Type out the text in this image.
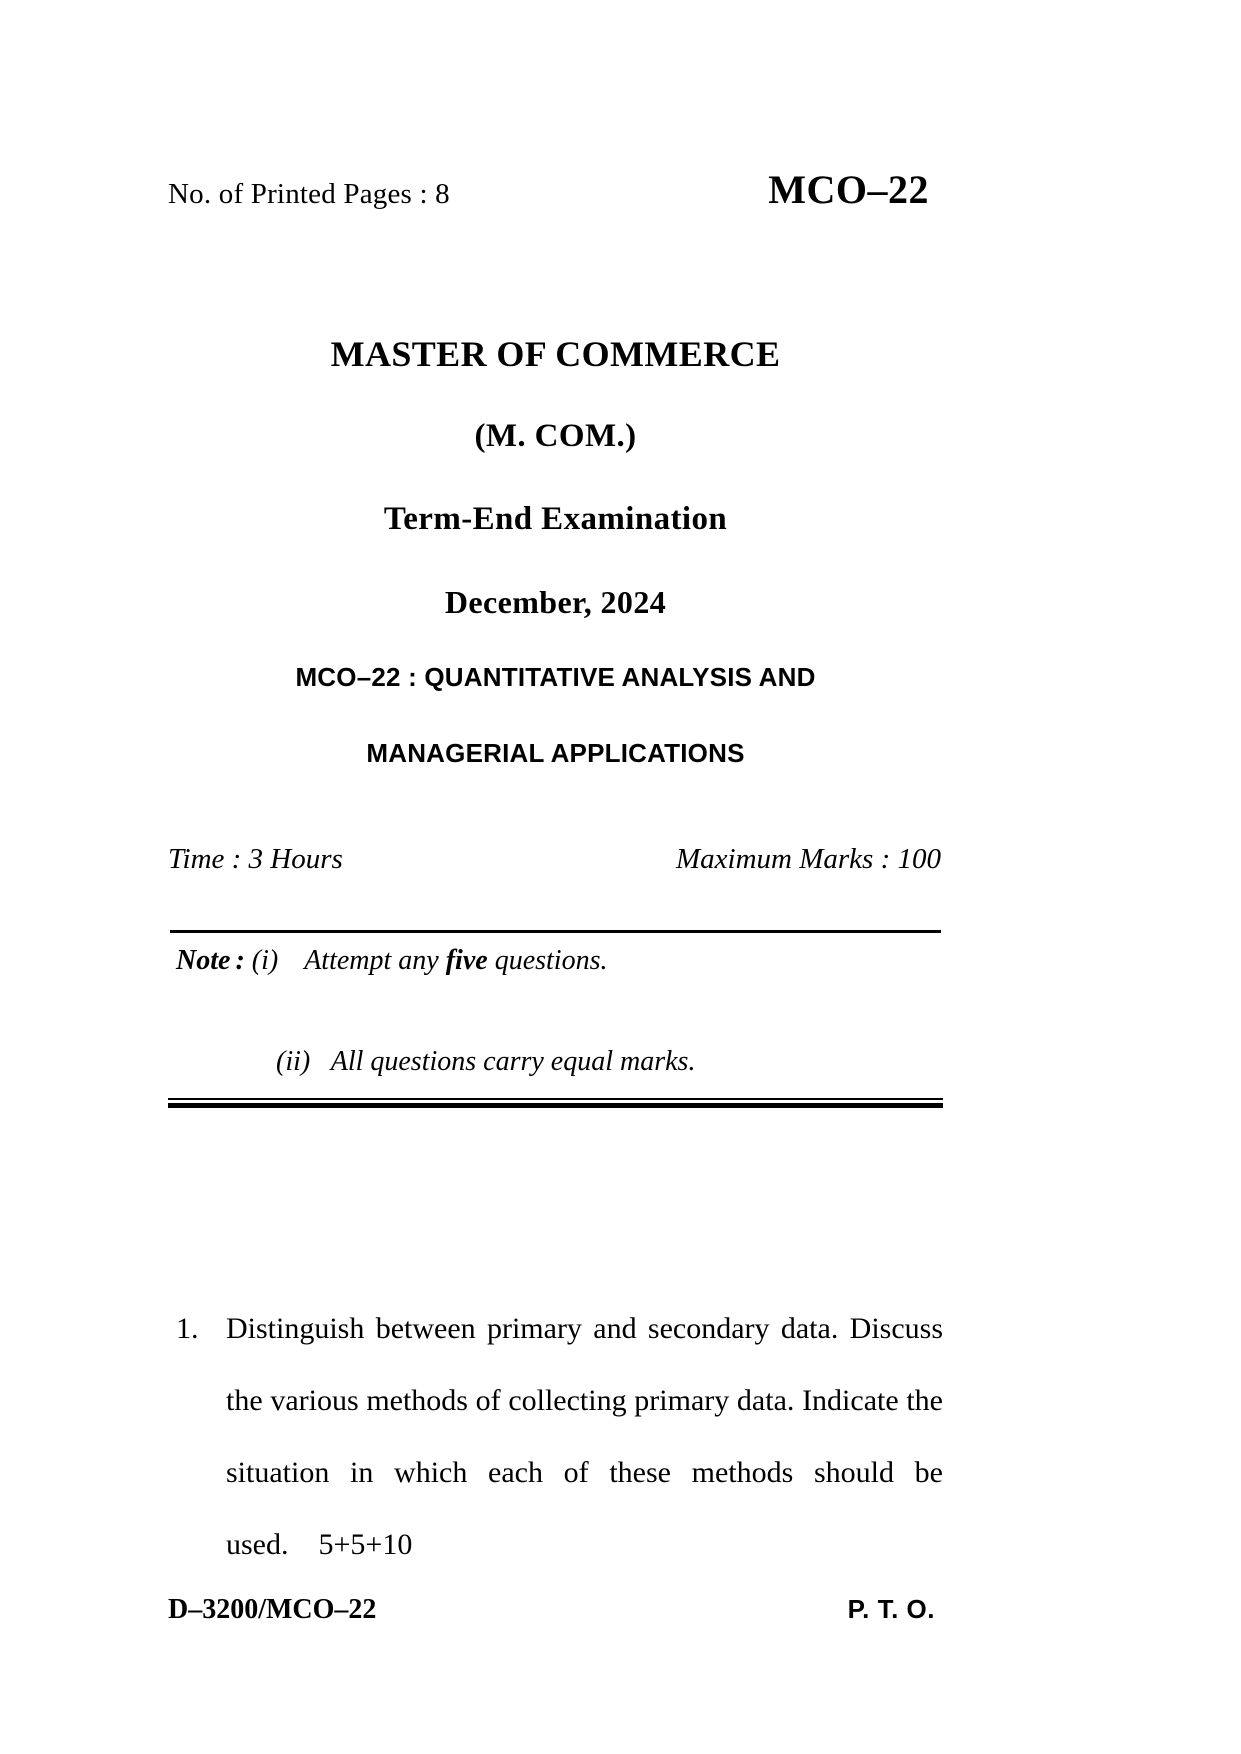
No. of Printed Pages : 8	MCO–22
MASTER OF COMMERCE
(M. COM.)
Term-End Examination
December, 2024
MCO–22 : QUANTITATIVE ANALYSIS AND
MANAGERIAL APPLICATIONS
Time : 3 Hours	Maximum Marks : 100
Note : (i) Attempt any five questions.
(ii) All questions carry equal marks.
1. Distinguish between primary and secondary data. Discuss the various methods of collecting primary data. Indicate the situation in which each of these methods should be used. 5+5+10
D–3200/MCO–22	P. T. O.
